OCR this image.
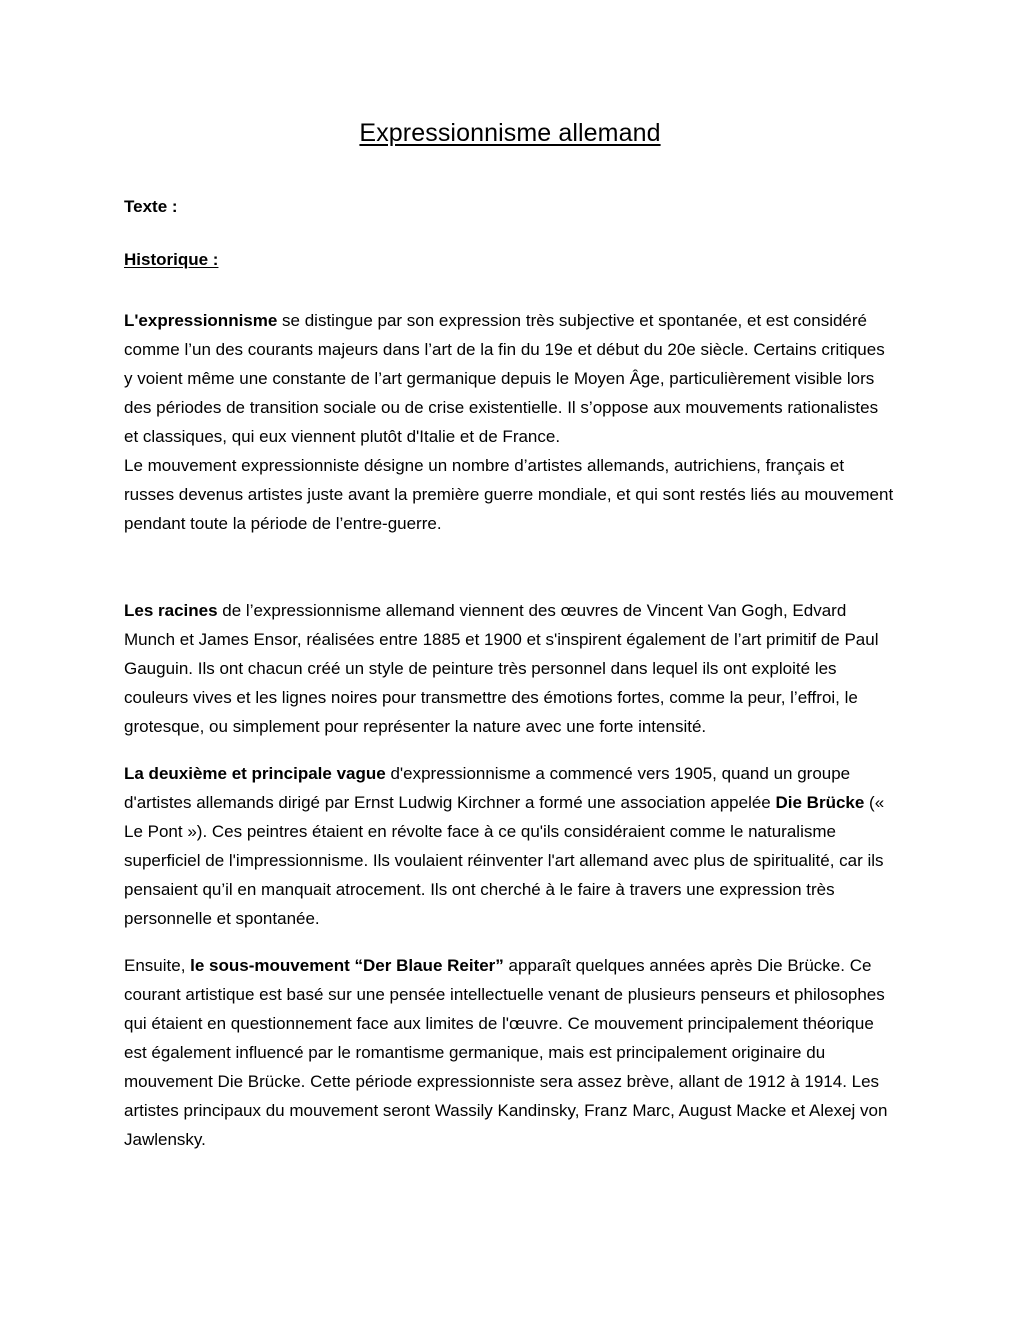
Expressionnisme allemand
Texte :
Historique :

L'expressionnisme se distingue par son expression très subjective et spontanée, et est considéré comme l’un des courants majeurs dans l’art de la fin du 19e et début du 20e siècle. Certains critiques y voient même une constante de l’art germanique depuis le Moyen Âge, particulièrement visible lors des périodes de transition sociale ou de crise existentielle. Il s’oppose aux mouvements rationalistes et classiques, qui eux viennent plutôt d'Italie et de France.
Le mouvement expressionniste désigne un nombre d’artistes allemands, autrichiens, français et russes devenus artistes juste avant la première guerre mondiale, et qui sont restés liés au mouvement pendant toute la période de l’entre-guerre.

Les racines de l’expressionnisme allemand viennent des œuvres de Vincent Van Gogh, Edvard Munch et James Ensor, réalisées entre 1885 et 1900 et s'inspirent également de l’art primitif de Paul Gauguin. Ils ont chacun créé un style de peinture très personnel dans lequel ils ont exploité les couleurs vives et les lignes noires pour transmettre des émotions fortes, comme la peur, l’effroi, le grotesque, ou simplement pour représenter la nature avec une forte intensité.

La deuxième et principale vague d'expressionnisme a commencé vers 1905, quand un groupe d'artistes allemands dirigé par Ernst Ludwig Kirchner a formé une association appelée Die Brücke (« Le Pont »). Ces peintres étaient en révolte face à ce qu'ils considéraient comme le naturalisme superficiel de l'impressionnisme. Ils voulaient réinventer l'art allemand avec plus de spiritualité, car ils pensaient qu’il en manquait atrocement. Ils ont cherché à le faire à travers une expression très personnelle et spontanée.

Ensuite, le sous-mouvement “Der Blaue Reiter” apparaît quelques années après Die Brücke. Ce courant artistique est basé sur une pensée intellectuelle venant de plusieurs penseurs et philosophes qui étaient en questionnement face aux limites de l'œuvre. Ce mouvement principalement théorique est également influencé par le romantisme germanique, mais est principalement originaire du mouvement Die Brücke. Cette période expressionniste sera assez brève, allant de 1912 à 1914. Les artistes principaux du mouvement seront Wassily Kandinsky, Franz Marc, August Macke et Alexej von Jawlensky.
